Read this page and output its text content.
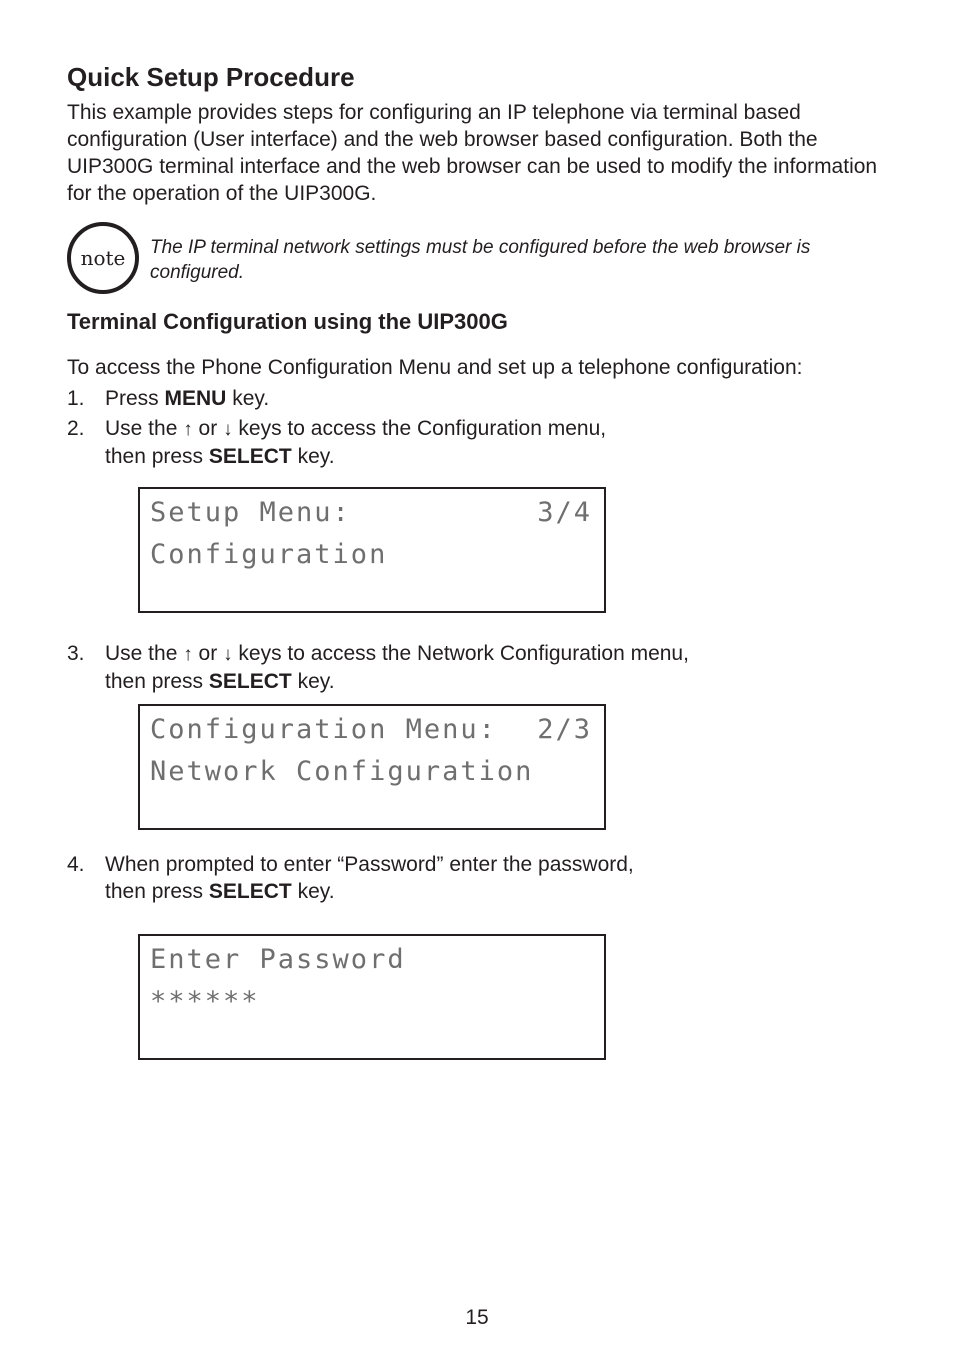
Quick Setup Procedure

This example provides steps for configuring an IP telephone via terminal based configuration (User interface) and the web browser based configuration. Both the UIP300G terminal interface and the web browser can be used to modify the information for the operation of the UIP300G.

note The IP terminal network settings must be configured before the web browser is configured.

Terminal Configuration using the UIP300G

To access the Phone Configuration Menu and set up a telephone configuration:

1. Press MENU key.
2. Use the ↑ or ↓ keys to access the Configuration menu,
then press SELECT key.
Setup Menu:	3/4
Configuration
3. Use the ↑ or ↓ keys to access the Network Configuration menu,
then press SELECT key.
Configuration Menu: 2/3
Network Configuration
4. When prompted to enter “Password” enter the password,
then press SELECT key.
Enter Password
******
15
